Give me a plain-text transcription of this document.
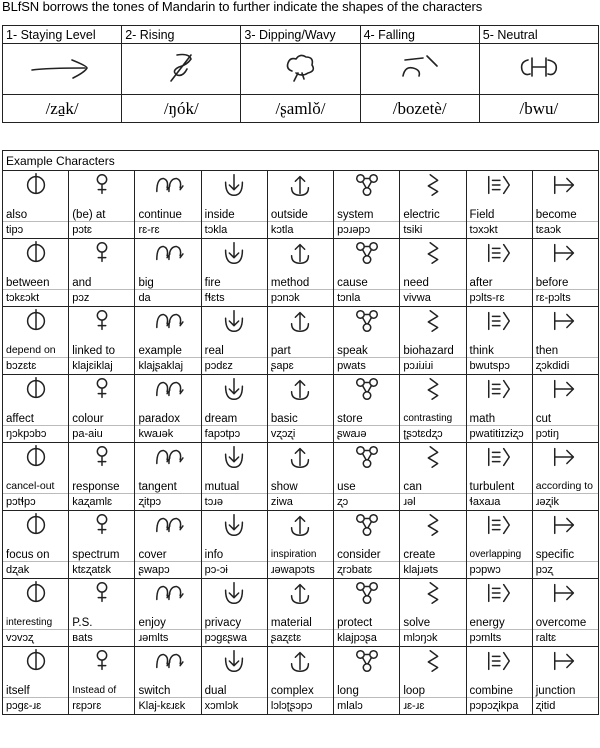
BLfSN borrows the tones of Mandarin to further indicate the shapes of the characters
1- Staying Level	2- Rising	3- Dipping/Wavy	4- Falling	5- Neutral

/za̠k/	/ŋók/	/ʂamlǒ/	/bozetè/	/bwu/
Example Characters								

also	(be) at	continue	inside	outside	system	electric	Field	become
tipɔ	pɔtɛ	rɛ-rɛ	tɔkla	kɔtla	pɔɹəpɔ	tsiki	tɔxɔkt	tɛaɔk

between	and	big	fire	method	cause	need	after	before
tɔkɛɔkt	pɔz	da	fɬɛts	pɔnɔk	tɔnla	vivwa	pɔlts-rɛ	rɛ-pɔlts

depend on	linked to	example	real	part	speak	biohazard	think	then
bɔzɛtɛ	klajɛiklaj	klajʂaklaj	pɔdɛz	ʂapɛ	pwats	pɔɹiɹiɹi	bwutspɔ	ʐɔkdidi

affect	colour	paradox	dream	basic	store	contrasting	math	cut
ŋɔkpɔbɔ	pa-aiu	kwaɹək	fapɔtpɔ	vʐɔʐi	ʂwaɹə	ʈʂɔtɛdʐɔ	pwatitiɪzɨʐɔ	pɔtiŋ

cancel-out	response	tangent	mutual	show	use	can	turbulent	according to
pɔtɬpɔ	kaʐamlɛ	ʐitpɔ	tɔɹə	ziwa	ʐɔ	ɹəl	ɬaxaɹa	ɹəʐik

focus on	spectrum	cover	info	inspiration	consider	create	overlapping	specific
dʐak	ktɛʐatɛk	ʂwapɔ	pɔ-ɔɨ	ɹəwapɔts	ʐrɔbatɛ	klajɹəts	pɔpwɔ	pɔʐ

interesting	P.S.	enjoy	privacy	material	protect	solve	energy	overcome
vɔvɔʐ	ʙats	ɹəmlts	pɔgɛʂwa	ʂaʐɛtɛ	klajpɔʂa	mlɔŋɔk	pɔmlts	raltɛ

itself	Instead of	switch	dual	complex	long	loop	combine	junction
pɔgɛ-ɹɛ	rɛpɔrɛ	Klaj-kɛɹɛk	xɔmlɔk	lɔlɔʈʂɔpɔ	mlalɔ	ɹɛ-ɹɛ	pɔpɔʐikpa	ʐitid
